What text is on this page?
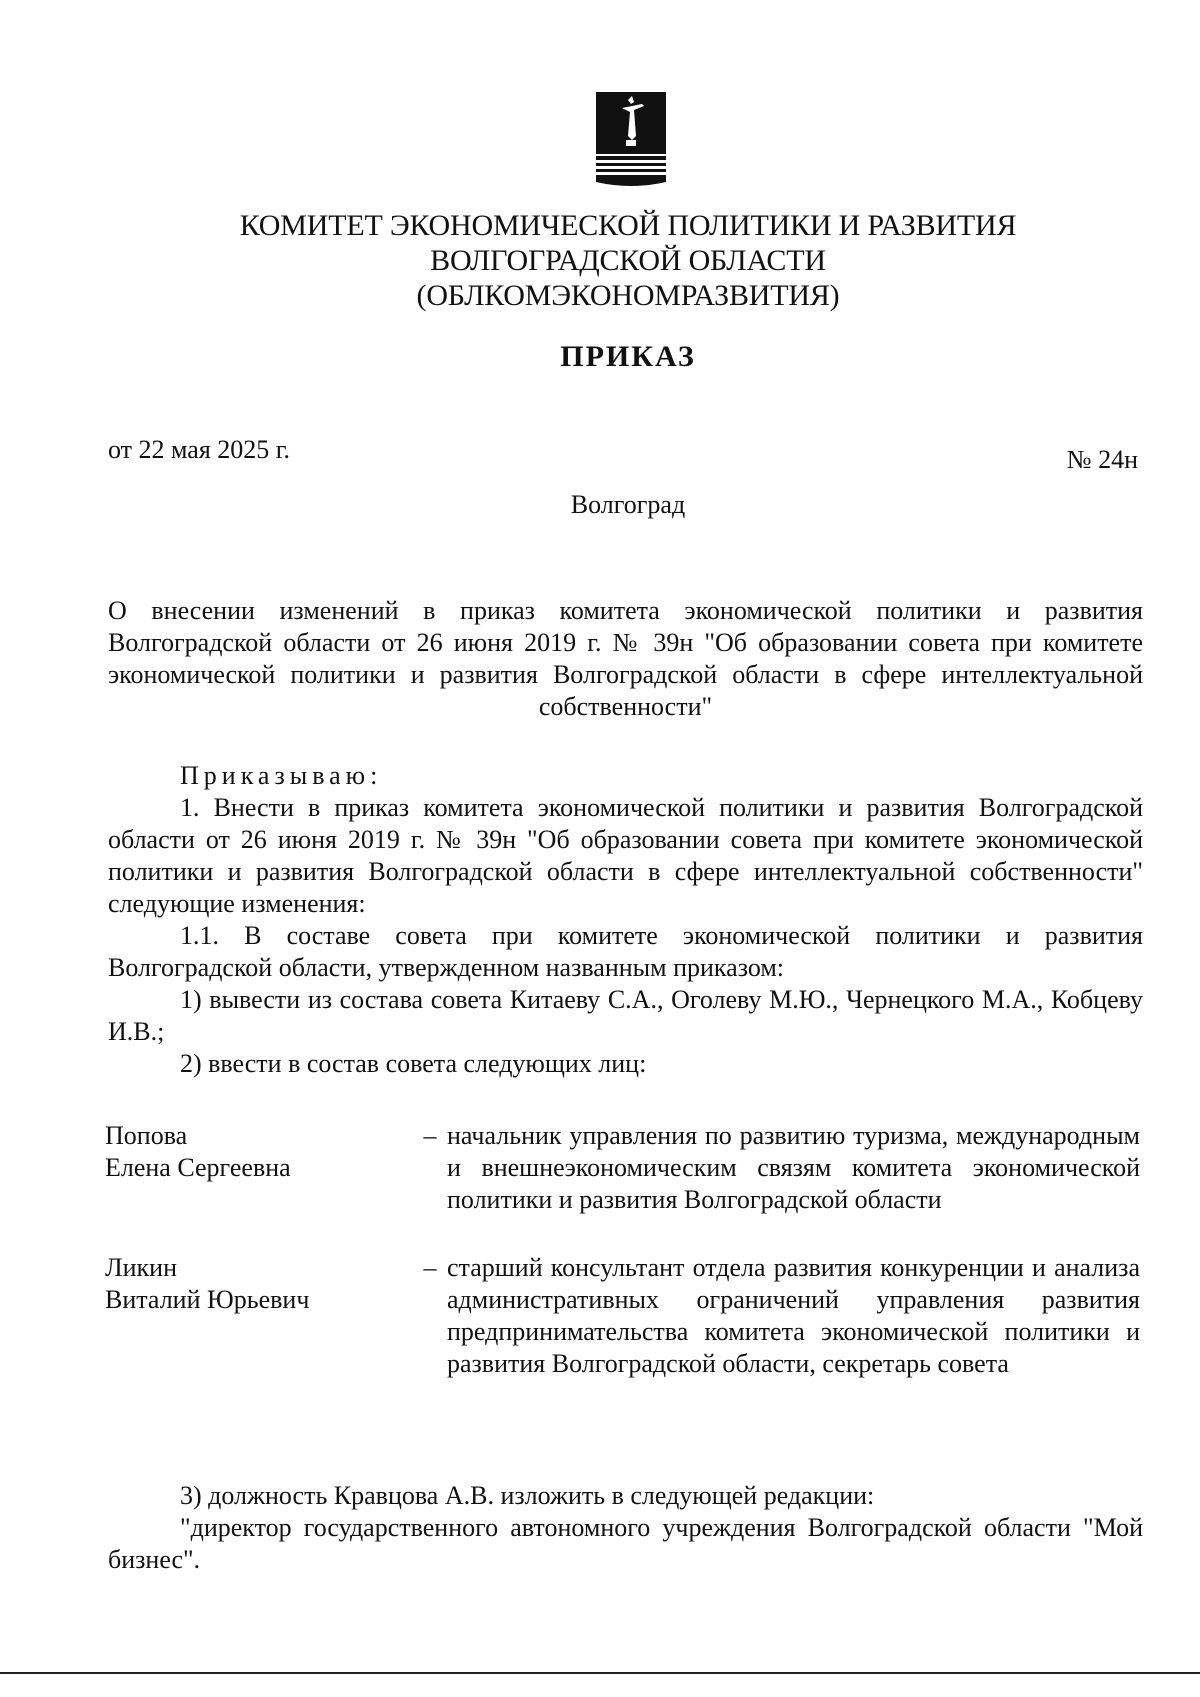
КОМИТЕТ ЭКОНОМИЧЕСКОЙ ПОЛИТИКИ И РАЗВИТИЯ
ВОЛГОГРАДСКОЙ ОБЛАСТИ
(ОБЛКОМЭКОНОМРАЗВИТИЯ)
ПРИКАЗ
от 22 мая 2025 г.	№ 24н
Волгоград
О внесении изменений в приказ комитета экономической политики и развития Волгоградской области от 26 июня 2019 г. № 39н "Об образовании совета при комитете экономической политики и развития Волгоградской области в сфере интеллектуальной собственности"

Приказываю:

1. Внести в приказ комитета экономической политики и развития Волгоградской области от 26 июня 2019 г. № 39н "Об образовании совета при комитете экономической политики и развития Волгоградской области в сфере интеллектуальной собственности" следующие изменения:

1.1. В составе совета при комитете экономической политики и развития Волгоградской области, утвержденном названным приказом:

1) вывести из состава совета Китаеву С.А., Оголеву М.Ю., Чернецкого М.А., Кобцеву И.В.;

2) ввести в состав совета следующих лиц:

Попова
Елена Сергеевна
– начальник управления по развитию туризма, международным и внешнеэкономическим связям комитета экономической политики и развития Волгоградской области
Ликин
Виталий Юрьевич
– старший консультант отдела развития конкуренции и анализа административных ограничений управления развития предпринимательства комитета экономической политики и развития Волгоградской области, секретарь совета

3) должность Кравцова А.В. изложить в следующей редакции:

"директор государственного автономного учреждения Волгоградской области "Мой бизнес".
